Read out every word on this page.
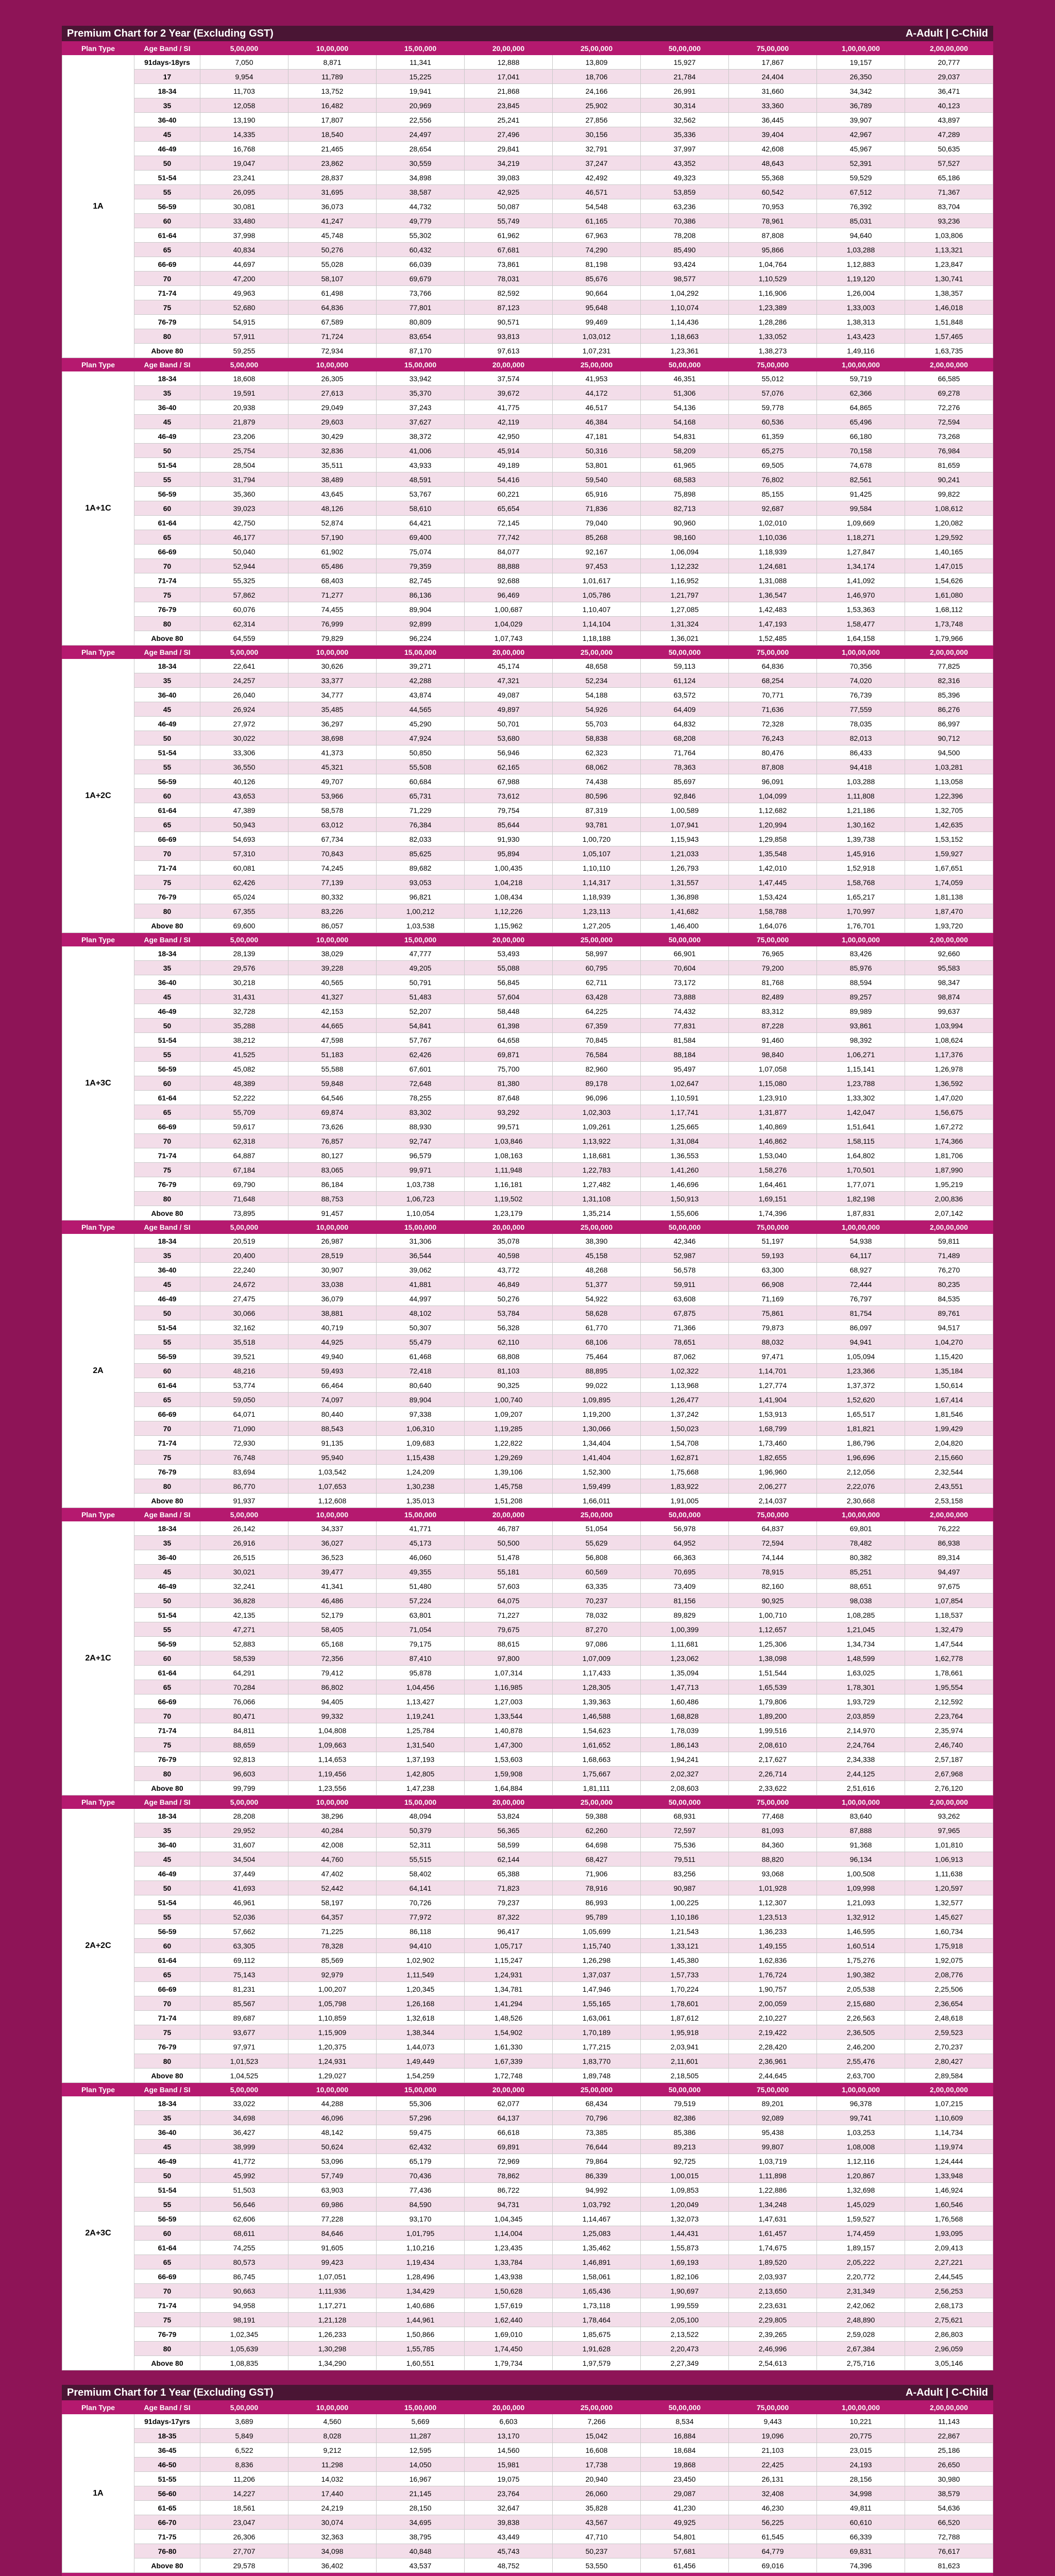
Premium Chart for 2 Year (Excluding GST)	A-Adult | C-Child
Plan Type	Age Band / SI	5,00,000	10,00,000	15,00,000	20,00,000	25,00,000	50,00,000	75,00,000	1,00,00,000	2,00,00,000
1A	91days-18yrs	7,050	8,871	11,341	12,888	13,809	15,927	17,867	19,157	20,777
	17	9,954	11,789	15,225	17,041	18,706	21,784	24,404	26,350	29,037
	18-34	11,703	13,752	19,941	21,868	24,166	26,991	31,660	34,342	36,471
	35	12,058	16,482	20,969	23,845	25,902	30,314	33,360	36,789	40,123
	36-40	13,190	17,807	22,556	25,241	27,856	32,562	36,445	39,907	43,897
	45	14,335	18,540	24,497	27,496	30,156	35,336	39,404	42,967	47,289
	46-49	16,768	21,465	28,654	29,841	32,791	37,997	42,608	45,967	50,635
	50	19,047	23,862	30,559	34,219	37,247	43,352	48,643	52,391	57,527
	51-54	23,241	28,837	34,898	39,083	42,492	49,323	55,368	59,529	65,186
	55	26,095	31,695	38,587	42,925	46,571	53,859	60,542	67,512	71,367
	56-59	30,081	36,073	44,732	50,087	54,548	63,236	70,953	76,392	83,704
	60	33,480	41,247	49,779	55,749	61,165	70,386	78,961	85,031	93,236
	61-64	37,998	45,748	55,302	61,962	67,963	78,208	87,808	94,640	1,03,806
	65	40,834	50,276	60,432	67,681	74,290	85,490	95,866	1,03,288	1,13,321
	66-69	44,697	55,028	66,039	73,861	81,198	93,424	1,04,764	1,12,883	1,23,847
	70	47,200	58,107	69,679	78,031	85,676	98,577	1,10,529	1,19,120	1,30,741
	71-74	49,963	61,498	73,766	82,592	90,664	1,04,292	1,16,906	1,26,004	1,38,357
	75	52,680	64,836	77,801	87,123	95,648	1,10,074	1,23,389	1,33,003	1,46,018
	76-79	54,915	67,589	80,809	90,571	99,469	1,14,436	1,28,286	1,38,313	1,51,848
	80	57,911	71,724	83,654	93,813	1,03,012	1,18,663	1,33,052	1,43,423	1,57,465
	Above 80	59,255	72,934	87,170	97,613	1,07,231	1,23,361	1,38,273	1,49,116	1,63,735
Plan Type	Age Band / SI	5,00,000	10,00,000	15,00,000	20,00,000	25,00,000	50,00,000	75,00,000	1,00,00,000	2,00,00,000
1A+1C	18-34	18,608	26,305	33,942	37,574	41,953	46,351	55,012	59,719	66,585
	35	19,591	27,613	35,370	39,672	44,172	51,306	57,076	62,366	69,278
	36-40	20,938	29,049	37,243	41,775	46,517	54,136	59,778	64,865	72,276
	45	21,879	29,603	37,627	42,119	46,384	54,168	60,536	65,496	72,594
	46-49	23,206	30,429	38,372	42,950	47,181	54,831	61,359	66,180	73,268
	50	25,754	32,836	41,006	45,914	50,316	58,209	65,275	70,158	76,984
	51-54	28,504	35,511	43,933	49,189	53,801	61,965	69,505	74,678	81,659
	55	31,794	38,489	48,591	54,416	59,540	68,583	76,802	82,561	90,241
	56-59	35,360	43,645	53,767	60,221	65,916	75,898	85,155	91,425	99,822
	60	39,023	48,126	58,610	65,654	71,836	82,713	92,687	99,584	1,08,612
	61-64	42,750	52,874	64,421	72,145	79,040	90,960	1,02,010	1,09,669	1,20,082
	65	46,177	57,190	69,400	77,742	85,268	98,160	1,10,036	1,18,271	1,29,592
	66-69	50,040	61,902	75,074	84,077	92,167	1,06,094	1,18,939	1,27,847	1,40,165
	70	52,944	65,486	79,359	88,888	97,453	1,12,232	1,24,681	1,34,174	1,47,015
	71-74	55,325	68,403	82,745	92,688	1,01,617	1,16,952	1,31,088	1,41,092	1,54,626
	75	57,862	71,277	86,136	96,469	1,05,786	1,21,797	1,36,547	1,46,970	1,61,080
	76-79	60,076	74,455	89,904	1,00,687	1,10,407	1,27,085	1,42,483	1,53,363	1,68,112
	80	62,314	76,999	92,899	1,04,029	1,14,104	1,31,324	1,47,193	1,58,477	1,73,748
	Above 80	64,559	79,829	96,224	1,07,743	1,18,188	1,36,021	1,52,485	1,64,158	1,79,966
Plan Type	Age Band / SI	5,00,000	10,00,000	15,00,000	20,00,000	25,00,000	50,00,000	75,00,000	1,00,00,000	2,00,00,000
1A+2C	18-34	22,641	30,626	39,271	45,174	48,658	59,113	64,836	70,356	77,825
	35	24,257	33,377	42,288	47,321	52,234	61,124	68,254	74,020	82,316
	36-40	26,040	34,777	43,874	49,087	54,188	63,572	70,771	76,739	85,396
	45	26,924	35,485	44,565	49,897	54,926	64,409	71,636	77,559	86,276
	46-49	27,972	36,297	45,290	50,701	55,703	64,832	72,328	78,035	86,997
	50	30,022	38,698	47,924	53,680	58,838	68,208	76,243	82,013	90,712
	51-54	33,306	41,373	50,850	56,946	62,323	71,764	80,476	86,433	94,500
	55	36,550	45,321	55,508	62,165	68,062	78,363	87,808	94,418	1,03,281
	56-59	40,126	49,707	60,684	67,988	74,438	85,697	96,091	1,03,288	1,13,058
	60	43,653	53,966	65,731	73,612	80,596	92,846	1,04,099	1,11,808	1,22,396
	61-64	47,389	58,578	71,229	79,754	87,319	1,00,589	1,12,682	1,21,186	1,32,705
	65	50,943	63,012	76,384	85,644	93,781	1,07,941	1,20,994	1,30,162	1,42,635
	66-69	54,693	67,734	82,033	91,930	1,00,720	1,15,943	1,29,858	1,39,738	1,53,152
	70	57,310	70,843	85,625	95,894	1,05,107	1,21,033	1,35,548	1,45,916	1,59,927
	71-74	60,081	74,245	89,682	1,00,435	1,10,110	1,26,793	1,42,010	1,52,918	1,67,651
	75	62,426	77,139	93,053	1,04,218	1,14,317	1,31,557	1,47,445	1,58,768	1,74,059
	76-79	65,024	80,332	96,821	1,08,434	1,18,939	1,36,898	1,53,424	1,65,217	1,81,138
	80	67,355	83,226	1,00,212	1,12,226	1,23,113	1,41,682	1,58,788	1,70,997	1,87,470
	Above 80	69,600	86,057	1,03,538	1,15,962	1,27,205	1,46,400	1,64,076	1,76,701	1,93,720
Plan Type	Age Band / SI	5,00,000	10,00,000	15,00,000	20,00,000	25,00,000	50,00,000	75,00,000	1,00,00,000	2,00,00,000
1A+3C	18-34	28,139	38,029	47,777	53,493	58,997	66,901	76,965	83,426	92,660
	35	29,576	39,228	49,205	55,088	60,795	70,604	79,200	85,976	95,583
	36-40	30,218	40,565	50,791	56,845	62,711	73,172	81,768	88,594	98,347
	45	31,431	41,327	51,483	57,604	63,428	73,888	82,489	89,257	98,874
	46-49	32,728	42,153	52,207	58,448	64,225	74,432	83,312	89,989	99,637
	50	35,288	44,665	54,841	61,398	67,359	77,831	87,228	93,861	1,03,994
	51-54	38,212	47,598	57,767	64,658	70,845	81,584	91,460	98,392	1,08,624
	55	41,525	51,183	62,426	69,871	76,584	88,184	98,840	1,06,271	1,17,376
	56-59	45,082	55,588	67,601	75,700	82,960	95,497	1,07,058	1,15,141	1,26,978
	60	48,389	59,848	72,648	81,380	89,178	1,02,647	1,15,080	1,23,788	1,36,592
	61-64	52,222	64,546	78,255	87,648	96,096	1,10,591	1,23,910	1,33,302	1,47,020
	65	55,709	69,874	83,302	93,292	1,02,303	1,17,741	1,31,877	1,42,047	1,56,675
	66-69	59,617	73,626	88,930	99,571	1,09,261	1,25,665	1,40,869	1,51,641	1,67,272
	70	62,318	76,857	92,747	1,03,846	1,13,922	1,31,084	1,46,862	1,58,115	1,74,366
	71-74	64,887	80,127	96,579	1,08,163	1,18,681	1,36,553	1,53,040	1,64,802	1,81,706
	75	67,184	83,065	99,971	1,11,948	1,22,783	1,41,260	1,58,276	1,70,501	1,87,990
	76-79	69,790	86,184	1,03,738	1,16,181	1,27,482	1,46,696	1,64,461	1,77,071	1,95,219
	80	71,648	88,753	1,06,723	1,19,502	1,31,108	1,50,913	1,69,151	1,82,198	2,00,836
	Above 80	73,895	91,457	1,10,054	1,23,179	1,35,214	1,55,606	1,74,396	1,87,831	2,07,142
Plan Type	Age Band / SI	5,00,000	10,00,000	15,00,000	20,00,000	25,00,000	50,00,000	75,00,000	1,00,00,000	2,00,00,000
2A	18-34	20,519	26,987	31,306	35,078	38,390	42,346	51,197	54,938	59,811
	35	20,400	28,519	36,544	40,598	45,158	52,987	59,193	64,117	71,489
	36-40	22,240	30,907	39,062	43,772	48,268	56,578	63,300	68,927	76,270
	45	24,672	33,038	41,881	46,849	51,377	59,911	66,908	72,444	80,235
	46-49	27,475	36,079	44,997	50,276	54,922	63,608	71,169	76,797	84,535
	50	30,066	38,881	48,102	53,784	58,628	67,875	75,861	81,754	89,761
	51-54	32,162	40,719	50,307	56,328	61,770	71,366	79,873	86,097	94,517
	55	35,518	44,925	55,479	62,110	68,106	78,651	88,032	94,941	1,04,270
	56-59	39,521	49,940	61,468	68,808	75,464	87,062	97,471	1,05,094	1,15,420
	60	48,216	59,493	72,418	81,103	88,895	1,02,322	1,14,701	1,23,366	1,35,184
	61-64	53,774	66,464	80,640	90,325	99,022	1,13,968	1,27,774	1,37,372	1,50,614
	65	59,050	74,097	89,904	1,00,740	1,09,895	1,26,477	1,41,904	1,52,620	1,67,414
	66-69	64,071	80,440	97,338	1,09,207	1,19,200	1,37,242	1,53,913	1,65,517	1,81,546
	70	71,090	88,543	1,06,310	1,19,285	1,30,066	1,50,023	1,68,799	1,81,821	1,99,429
	71-74	72,930	91,135	1,09,683	1,22,822	1,34,404	1,54,708	1,73,460	1,86,796	2,04,820
	75	76,748	95,940	1,15,438	1,29,269	1,41,404	1,62,871	1,82,655	1,96,696	2,15,660
	76-79	83,694	1,03,542	1,24,209	1,39,106	1,52,300	1,75,668	1,96,960	2,12,056	2,32,544
	80	86,770	1,07,653	1,30,238	1,45,758	1,59,499	1,83,922	2,06,277	2,22,076	2,43,551
	Above 80	91,937	1,12,608	1,35,013	1,51,208	1,66,011	1,91,005	2,14,037	2,30,668	2,53,158
Plan Type	Age Band / SI	5,00,000	10,00,000	15,00,000	20,00,000	25,00,000	50,00,000	75,00,000	1,00,00,000	2,00,00,000
2A+1C	18-34	26,142	34,337	41,771	46,787	51,054	56,978	64,837	69,801	76,222
	35	26,916	36,027	45,173	50,500	55,629	64,952	72,594	78,482	86,938
	36-40	26,515	36,523	46,060	51,478	56,808	66,363	74,144	80,382	89,314
	45	30,021	39,477	49,355	55,181	60,569	70,695	78,915	85,251	94,497
	46-49	32,241	41,341	51,480	57,603	63,335	73,409	82,160	88,651	97,675
	50	36,828	46,486	57,224	64,075	70,237	81,156	90,925	98,038	1,07,854
	51-54	42,135	52,179	63,801	71,227	78,032	89,829	1,00,710	1,08,285	1,18,537
	55	47,271	58,405	71,054	79,675	87,270	1,00,399	1,12,657	1,21,045	1,32,479
	56-59	52,883	65,168	79,175	88,615	97,086	1,11,681	1,25,306	1,34,734	1,47,544
	60	58,539	72,356	87,410	97,800	1,07,009	1,23,062	1,38,098	1,48,599	1,62,778
	61-64	64,291	79,412	95,878	1,07,314	1,17,433	1,35,094	1,51,544	1,63,025	1,78,661
	65	70,284	86,802	1,04,456	1,16,985	1,28,305	1,47,713	1,65,539	1,78,301	1,95,554
	66-69	76,066	94,405	1,13,427	1,27,003	1,39,363	1,60,486	1,79,806	1,93,729	2,12,592
	70	80,471	99,332	1,19,241	1,33,544	1,46,588	1,68,828	1,89,200	2,03,859	2,23,764
	71-74	84,811	1,04,808	1,25,784	1,40,878	1,54,623	1,78,039	1,99,516	2,14,970	2,35,974
	75	88,659	1,09,663	1,31,540	1,47,300	1,61,652	1,86,143	2,08,610	2,24,764	2,46,740
	76-79	92,813	1,14,653	1,37,193	1,53,603	1,68,663	1,94,241	2,17,627	2,34,338	2,57,187
	80	96,603	1,19,456	1,42,805	1,59,908	1,75,667	2,02,327	2,26,714	2,44,125	2,67,968
	Above 80	99,799	1,23,556	1,47,238	1,64,884	1,81,111	2,08,603	2,33,622	2,51,616	2,76,120
Plan Type	Age Band / SI	5,00,000	10,00,000	15,00,000	20,00,000	25,00,000	50,00,000	75,00,000	1,00,00,000	2,00,00,000
2A+2C	18-34	28,208	38,296	48,094	53,824	59,388	68,931	77,468	83,640	93,262
	35	29,952	40,284	50,379	56,365	62,260	72,597	81,093	87,888	97,965
	36-40	31,607	42,008	52,311	58,599	64,698	75,536	84,360	91,368	1,01,810
	45	34,504	44,760	55,515	62,144	68,427	79,511	88,820	96,134	1,06,913
	46-49	37,449	47,402	58,402	65,388	71,906	83,256	93,068	1,00,508	1,11,638
	50	41,693	52,442	64,141	71,823	78,916	90,987	1,01,928	1,09,998	1,20,597
	51-54	46,961	58,197	70,726	79,237	86,993	1,00,225	1,12,307	1,21,093	1,32,577
	55	52,036	64,357	77,972	87,322	95,789	1,10,186	1,23,513	1,32,912	1,45,627
	56-59	57,662	71,225	86,118	96,417	1,05,699	1,21,543	1,36,233	1,46,595	1,60,734
	60	63,305	78,328	94,410	1,05,717	1,15,740	1,33,121	1,49,155	1,60,514	1,75,918
	61-64	69,112	85,569	1,02,902	1,15,247	1,26,298	1,45,380	1,62,836	1,75,276	1,92,075
	65	75,143	92,979	1,11,549	1,24,931	1,37,037	1,57,733	1,76,724	1,90,382	2,08,776
	66-69	81,231	1,00,207	1,20,345	1,34,781	1,47,946	1,70,224	1,90,757	2,05,538	2,25,506
	70	85,567	1,05,798	1,26,168	1,41,294	1,55,165	1,78,601	2,00,059	2,15,680	2,36,654
	71-74	89,687	1,10,859	1,32,618	1,48,526	1,63,061	1,87,612	2,10,227	2,26,563	2,48,618
	75	93,677	1,15,909	1,38,344	1,54,902	1,70,189	1,95,918	2,19,422	2,36,505	2,59,523
	76-79	97,971	1,20,375	1,44,073	1,61,330	1,77,215	2,03,941	2,28,420	2,46,200	2,70,237
	80	1,01,523	1,24,931	1,49,449	1,67,339	1,83,770	2,11,601	2,36,961	2,55,476	2,80,427
	Above 80	1,04,525	1,29,027	1,54,259	1,72,748	1,89,748	2,18,505	2,44,645	2,63,700	2,89,584
Plan Type	Age Band / SI	5,00,000	10,00,000	15,00,000	20,00,000	25,00,000	50,00,000	75,00,000	1,00,00,000	2,00,00,000
2A+3C	18-34	33,022	44,288	55,306	62,077	68,434	79,519	89,201	96,378	1,07,215
	35	34,698	46,096	57,296	64,137	70,796	82,386	92,089	99,741	1,10,609
	36-40	36,427	48,142	59,475	66,618	73,385	85,386	95,438	1,03,253	1,14,734
	45	38,999	50,624	62,432	69,891	76,644	89,213	99,807	1,08,008	1,19,974
	46-49	41,772	53,096	65,179	72,969	79,864	92,725	1,03,719	1,12,116	1,24,444
	50	45,992	57,749	70,436	78,862	86,339	1,00,015	1,11,898	1,20,867	1,33,948
	51-54	51,503	63,903	77,436	86,722	94,992	1,09,853	1,22,886	1,32,698	1,46,924
	55	56,646	69,986	84,590	94,731	1,03,792	1,20,049	1,34,248	1,45,029	1,60,546
	56-59	62,606	77,228	93,170	1,04,345	1,14,467	1,32,073	1,47,631	1,59,527	1,76,568
	60	68,611	84,646	1,01,795	1,14,004	1,25,083	1,44,431	1,61,457	1,74,459	1,93,095
	61-64	74,255	91,605	1,10,216	1,23,435	1,35,462	1,55,873	1,74,675	1,89,157	2,09,413
	65	80,573	99,423	1,19,434	1,33,784	1,46,891	1,69,193	1,89,520	2,05,222	2,27,221
	66-69	86,745	1,07,051	1,28,496	1,43,938	1,58,061	1,82,106	2,03,937	2,20,772	2,44,545
	70	90,663	1,11,936	1,34,429	1,50,628	1,65,436	1,90,697	2,13,650	2,31,349	2,56,253
	71-74	94,958	1,17,271	1,40,686	1,57,619	1,73,118	1,99,559	2,23,631	2,42,062	2,68,173
	75	98,191	1,21,128	1,44,961	1,62,440	1,78,464	2,05,100	2,29,805	2,48,890	2,75,621
	76-79	1,02,345	1,26,233	1,50,866	1,69,010	1,85,675	2,13,522	2,39,265	2,59,028	2,86,803
	80	1,05,639	1,30,298	1,55,785	1,74,450	1,91,628	2,20,473	2,46,996	2,67,384	2,96,059
	Above 80	1,08,835	1,34,290	1,60,551	1,79,734	1,97,579	2,27,349	2,54,613	2,75,716	3,05,146
Premium Chart for 1 Year (Excluding GST)	A-Adult | C-Child
Plan Type	Age Band / SI	5,00,000	10,00,000	15,00,000	20,00,000	25,00,000	50,00,000	75,00,000	1,00,00,000	2,00,00,000
1A	91days-17yrs	3,689	4,560	5,669	6,603	7,266	8,534	9,443	10,221	11,143
	18-35	5,849	8,028	11,287	13,170	15,042	16,884	19,096	20,775	22,867
	36-45	6,522	9,212	12,595	14,560	16,608	18,684	21,103	23,015	25,186
	46-50	8,836	11,298	14,050	15,981	17,738	19,868	22,425	24,193	26,650
	51-55	11,206	14,032	16,967	19,075	20,940	23,450	26,131	28,156	30,980
	56-60	14,227	17,440	21,145	23,764	26,060	29,087	32,408	34,998	38,579
	61-65	18,561	24,219	28,150	32,647	35,828	41,230	46,230	49,811	54,636
	66-70	23,047	30,074	34,695	39,838	43,567	49,925	56,225	60,610	66,520
	71-75	26,306	32,363	38,795	43,449	47,710	54,801	61,545	66,339	72,788
	76-80	27,707	34,098	40,848	45,743	50,237	57,681	64,779	69,831	76,617
	Above 80	29,578	36,402	43,537	48,752	53,550	61,456	69,016	74,396	81,623
